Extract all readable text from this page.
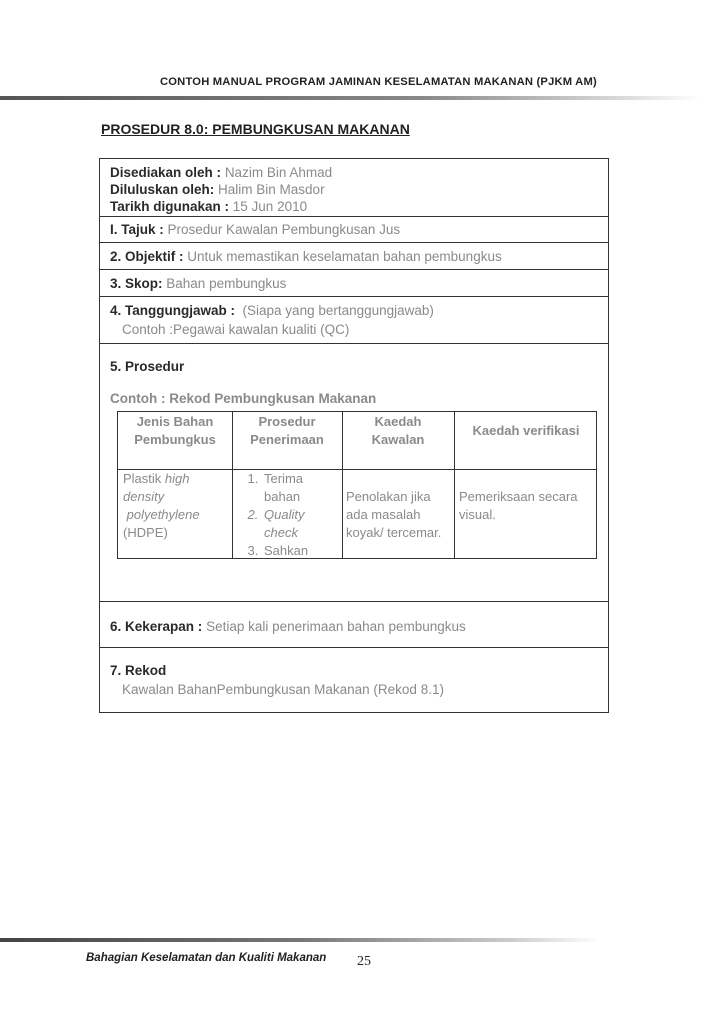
CONTOH MANUAL PROGRAM JAMINAN KESELAMATAN MAKANAN (PJKM AM)
PROSEDUR 8.0: PEMBUNGKUSAN MAKANAN
Disediakan oleh : Nazim Bin Ahmad
Diluluskan oleh: Halim Bin Masdor
Tarikh digunakan : 15 Jun 2010
I. Tajuk : Prosedur Kawalan Pembungkusan Jus
2. Objektif : Untuk memastikan keselamatan bahan pembungkus
3. Skop: Bahan pembungkus
4. Tanggungjawab : (Siapa yang bertanggungjawab)
Contoh :Pegawai kawalan kualiti (QC)
5. Prosedur
Contoh : Rekod Pembungkusan Makanan
Jenis Bahan
Pembungkus
Prosedur
Penerimaan
Kaedah
Kawalan
Kaedah verifikasi
Plastik high
density
polyethylene
(HDPE)
1. Terima bahan
2. Quality check
3. Sahkan
Penolakan jika
ada masalah
koyak/ tercemar.
Pemeriksaan secara
visual.
6. Kekerapan : Setiap kali penerimaan bahan pembungkus
7. Rekod
Kawalan BahanPembungkusan Makanan (Rekod 8.1)
Bahagian Keselamatan dan Kualiti Makanan 25
